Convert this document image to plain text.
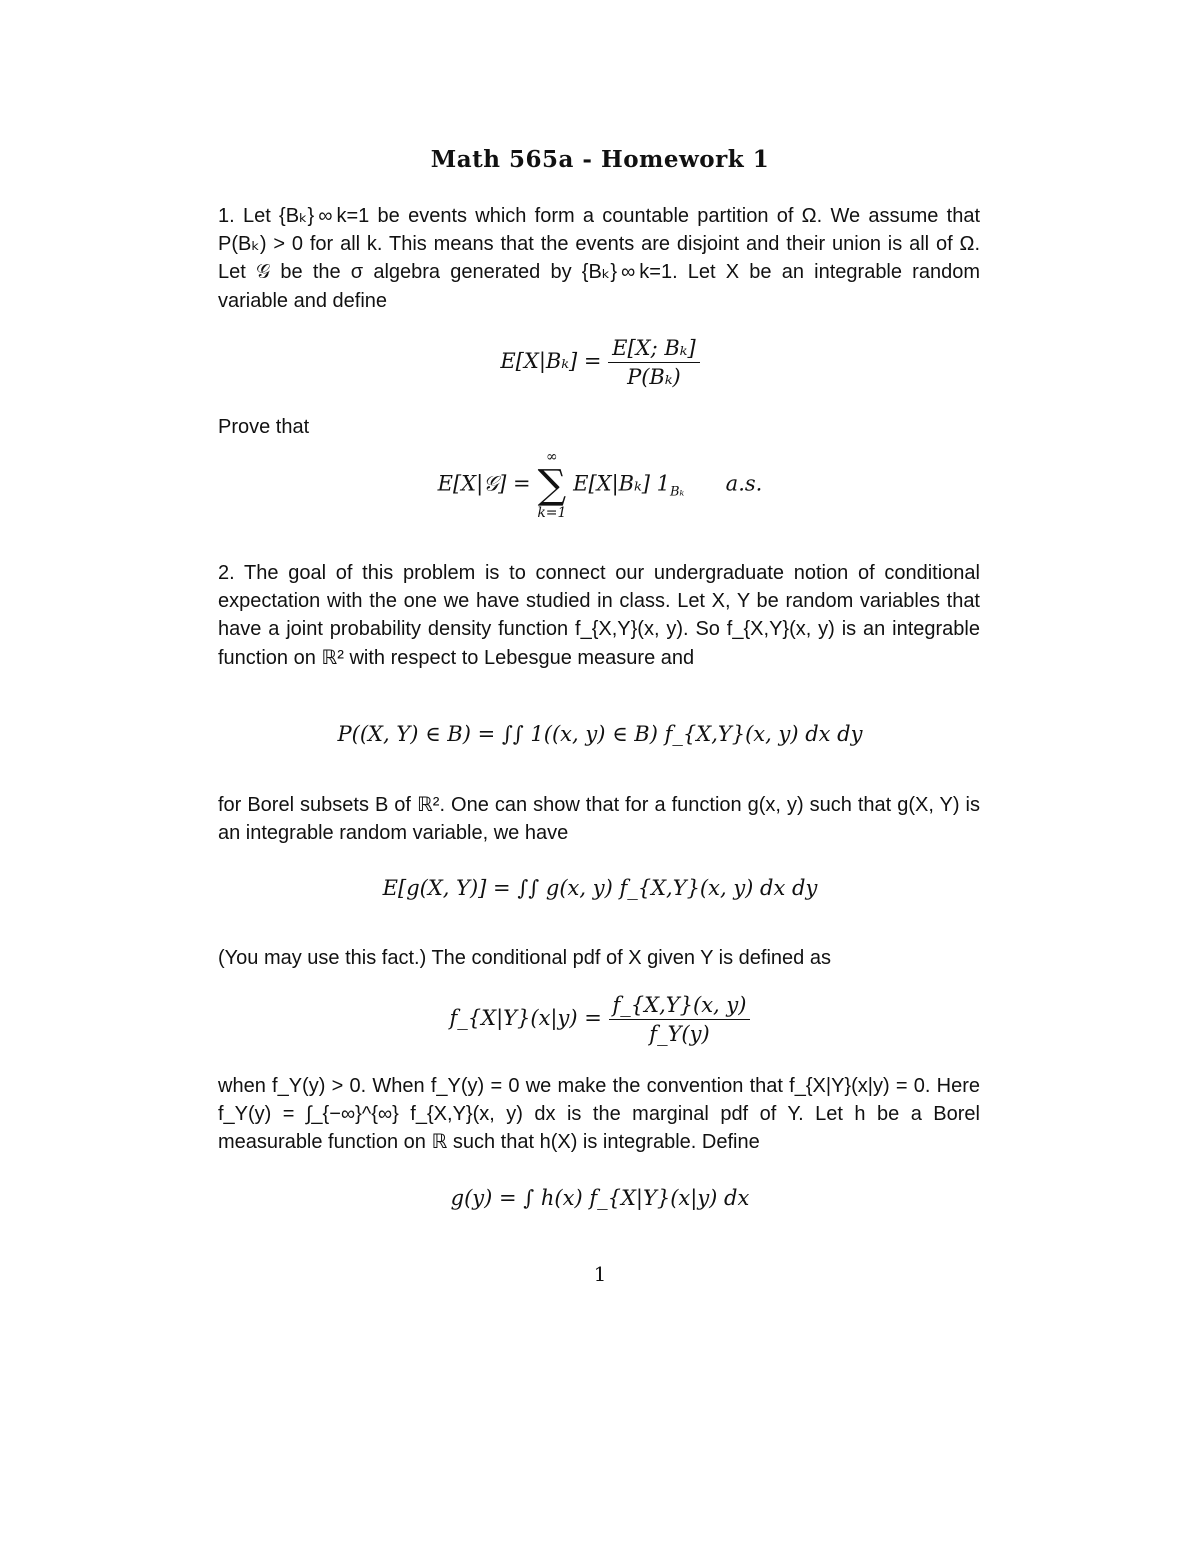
Math 565a - Homework 1
1. Let {Bₖ} ∞ k=1 be events which form a countable partition of Ω. We assume that P(Bₖ) > 0 for all k. This means that the events are disjoint and their union is all of Ω. Let 𝒢 be the σ algebra generated by {Bₖ} ∞ k=1. Let X be an integrable random variable and define
$E[X|B_k] = \frac{\text{E[X; Bₖ]}}{\text{P(Bₖ)}}$
Prove that
E[X|𝒢] =
∞
∑
k=1
E[X|Bₖ] $1_{B_k}$ a.s.
2. The goal of this problem is to connect our undergraduate notion of conditional expectation with the one we have studied in class. Let X, Y be random variables that have a joint probability density function f_{X,Y}(x, y). So f_{X,Y}(x, y) is an integrable function on ℝ² with respect to Lebesgue measure and
P((X, Y) ∈ B) = ∫∫ 1((x, y) ∈ B) f_{X,Y}(x, y) dx dy
for Borel subsets B of ℝ². One can show that for a function g(x, y) such that g(X, Y) is an integrable random variable, we have
E[g(X, Y)] = ∫∫ g(x, y) f_{X,Y}(x, y) dx dy
(You may use this fact.) The conditional pdf of X given Y is defined as
f_{X|Y}(x|y) = $\frac{f\_\{X,Y\}(x, y)}{f\_Y(y)}$
when f_Y(y) > 0. When f_Y(y) = 0 we make the convention that f_{X|Y}(x|y) = 0. Here f_Y(y) = ∫_{−∞}^{∞} f_{X,Y}(x, y) dx is the marginal pdf of Y. Let h be a Borel measurable function on ℝ such that h(X) is integrable. Define
g(y) = ∫ h(x) f_{X|Y}(x|y) dx
1
